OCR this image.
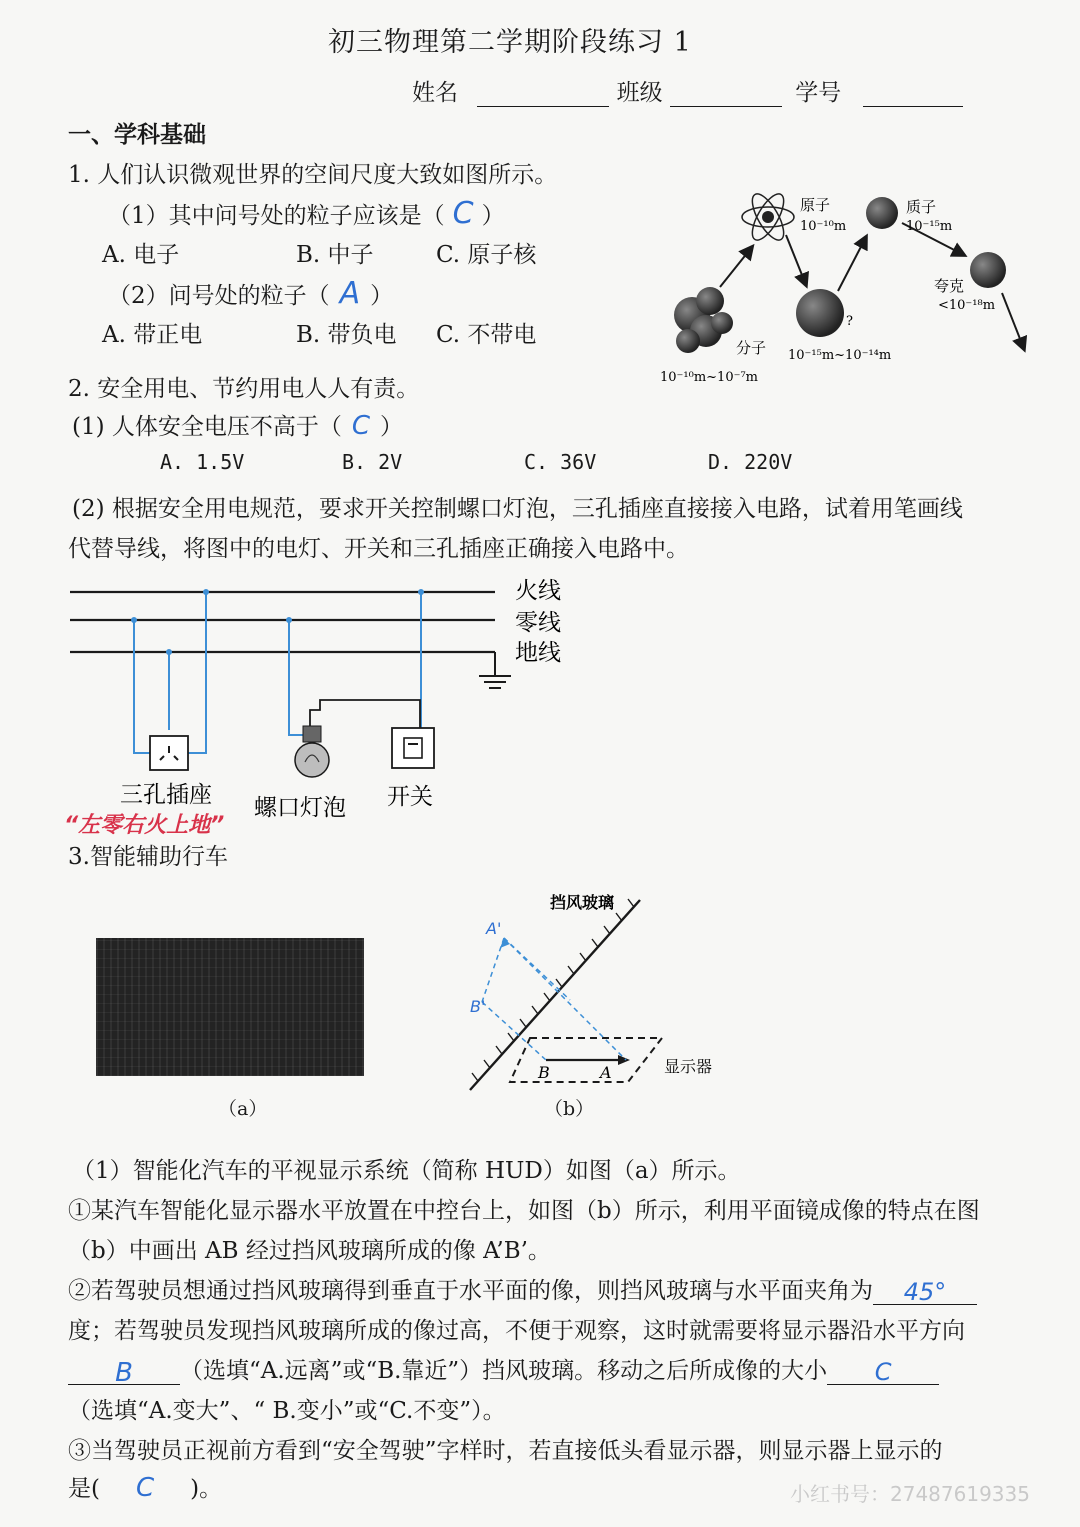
初三物理第二学期阶段练习 1
姓名	班级	学号
一、学科基础
1. 人们认识微观世界的空间尺度大致如图所示。
（1）其中问号处的粒子应该是（ C ）
A. 电子	B. 中子	C. 原子核
（2）问号处的粒子（ A ）
A. 带正电	B. 带负电 C. 不带电
原子
10⁻¹⁰m
质子
10⁻¹⁵m
夸克
<10⁻¹⁸m
分子
10⁻¹⁰m~10⁻⁷m
?
10⁻¹⁵m~10⁻¹⁴m
2. 安全用电、节约用电人人有责。
(1) 人体安全电压不高于（ C ）
A. 1.5V	B. 2V	C. 36V	D. 220V
(2) 根据安全用电规范，要求开关控制螺口灯泡，三孔插座直接接入电路，试着用笔画线
代替导线，将图中的电灯、开关和三孔插座正确接入电路中。
火线
零线
地线
三孔插座 螺口灯泡 开关
“左零右火上地”
3.智能辅助行车
（a）
挡风玻璃
显示器
A'
B'
B	A
（b）
（1）智能化汽车的平视显示系统（简称 HUD）如图（a）所示。
①某汽车智能化显示器水平放置在中控台上，如图（b）所示，利用平面镜成像的特点在图
（b）中画出 AB 经过挡风玻璃所成的像 A’B’。
②若驾驶员想通过挡风玻璃得到垂直于水平面的像，则挡风玻璃与水平面夹角为 45°
度；若驾驶员发现挡风玻璃所成的像过高，不便于观察，这时就需要将显示器沿水平方向
B （选填“A.远离”或“B.靠近”）挡风玻璃。移动之后所成像的大小 C
（选填“A.变大”、“ B.变小”或“C.不变”）。
③当驾驶员正视前方看到“安全驾驶”字样时，若直接低头看显示器，则显示器上显示的
是( C )。	小红书号：2748761​9335
